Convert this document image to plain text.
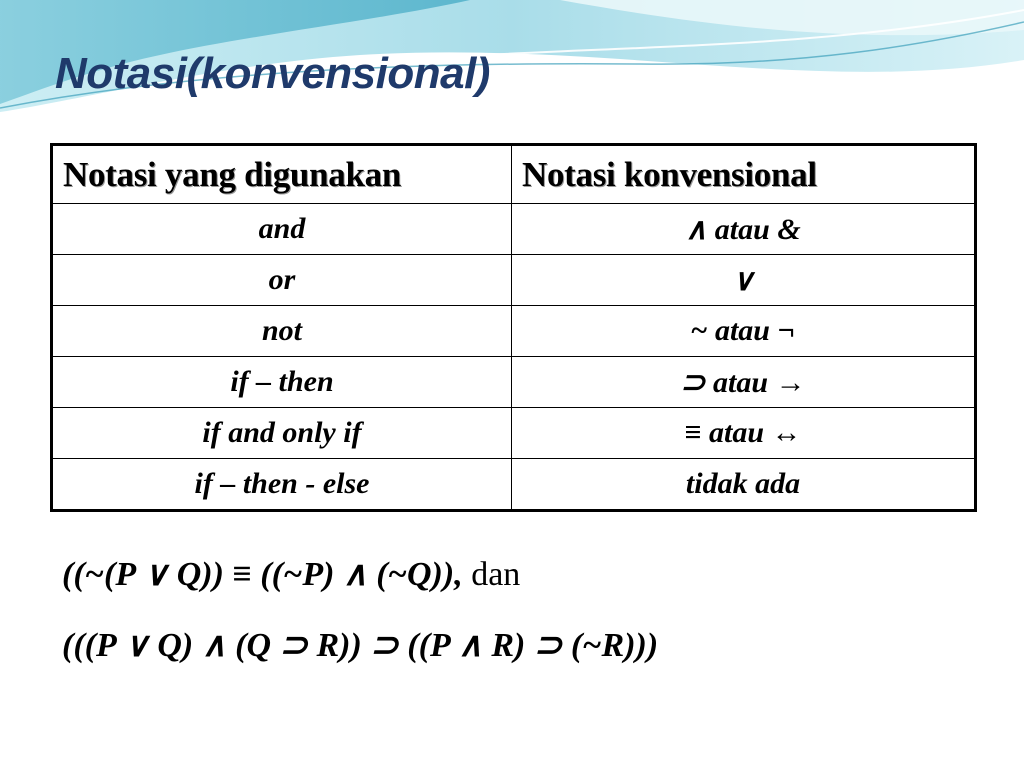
Notasi(konvensional)
Notasi yang digunakan	Notasi konvensional
and	∧ atau &
or	∨
not	~ atau ¬
if – then	⊃ atau →
if and only if	≡ atau ↔
if – then - else	tidak ada

((~(P ∨ Q)) ≡ ((~P) ∧ (~Q)), dan

(((P ∨ Q) ∧ (Q ⊃ R)) ⊃ ((P ∧ R) ⊃ (~R)))
